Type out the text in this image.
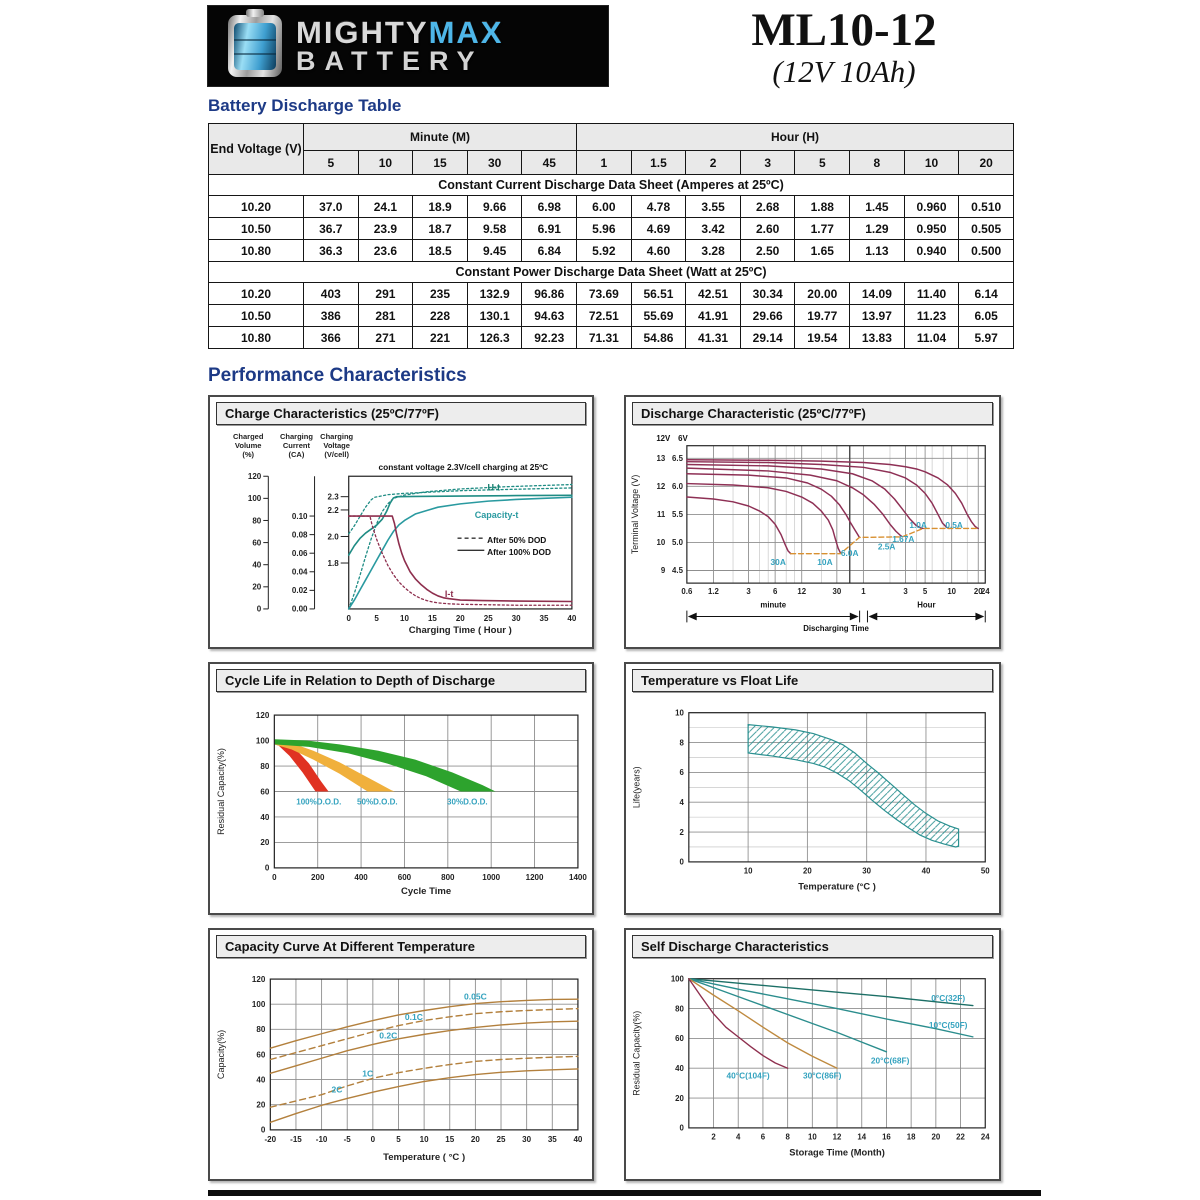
MIGHTYMAX
BATTERY
ML10-12
(12V 10Ah)
Battery Discharge Table
End Voltage (V)	Minute (M)					Hour (H)							
	5	10	15	30	45	1	1.5	2	3	5	8	10	20
Constant Current Discharge Data Sheet (Amperes at 25ºC)													
10.20	37.0	24.1	18.9	9.66	6.98	6.00	4.78	3.55	2.68	1.88	1.45	0.960	0.510
10.50	36.7	23.9	18.7	9.58	6.91	5.96	4.69	3.42	2.60	1.77	1.29	0.950	0.505
10.80	36.3	23.6	18.5	9.45	6.84	5.92	4.60	3.28	2.50	1.65	1.13	0.940	0.500
Constant Power Discharge Data Sheet (Watt at 25ºC)													
10.20	403	291	235	132.9	96.86	73.69	56.51	42.51	30.34	20.00	14.09	11.40	6.14
10.50	386	281	228	130.1	94.63	72.51	55.69	41.91	29.66	19.77	13.97	11.23	6.05
10.80	366	271	221	126.3	92.23	71.31	54.86	41.31	29.14	19.54	13.83	11.04	5.97
Performance Characteristics
Charge Characteristics (25ºC/77ºF)
0
20
40
60
80
100
120
Charged
Volume
(%)
0.00
0.02
0.04
0.06
0.08
0.10
Charging
Current
(CA)
1.8
2.0
2.2
2.3
Charging
Voltage
(V/cell)
0	5	10 15 20 25 30 35 40
constant voltage 2.3V/cell charging at 25ºC
U-t
Capacity-t
After 50% DOD
After 100% DOD
I-t
Charging Time ( Hour )
Discharge Characteristic (25ºC/77ºF)
0.6 1.2	3	6	12	30	1	3 5	10 20
24
9
10
11
12
13
4.5
5.0
5.5
6.0
6.5
12V 6V
30A	10A
6.0A
2.5A
1.67A
1.0A 0.5A
minute	Hour
Discharging Time
Terminal Voltage (V)
Cycle Life in Relation to Depth of Discharge
0	200	400	600	800	1000	1200	1400
0
20
40
60
80
100
120
100%D.O.D. 50%D.O.D.	30%D.O.D.
Cycle Time
Residual Capacity(%)
Temperature vs Float Life
10	20	30	40	50
0
2
4
6
8
10
Temperature (°C )
Life(years)
Capacity Curve At Different Temperature
-20 -15 -10 -5 0	5 10 15 20 25 30 35 40
0
20
40
60
80
100
120
0.05C
0.1C
0.2C
1C
2C
Temperature ( °C )
Capacity(%)
Self Discharge Characteristics
2	4	6	8 10 12 14 16 18 20 22 24
0
20
40
60
80
100
0°C(32F)
10°C(50F)
20°C(68F)
30°C(86F)
40°C(104F)
Storage Time (Month)
Residual Capacity(%)
